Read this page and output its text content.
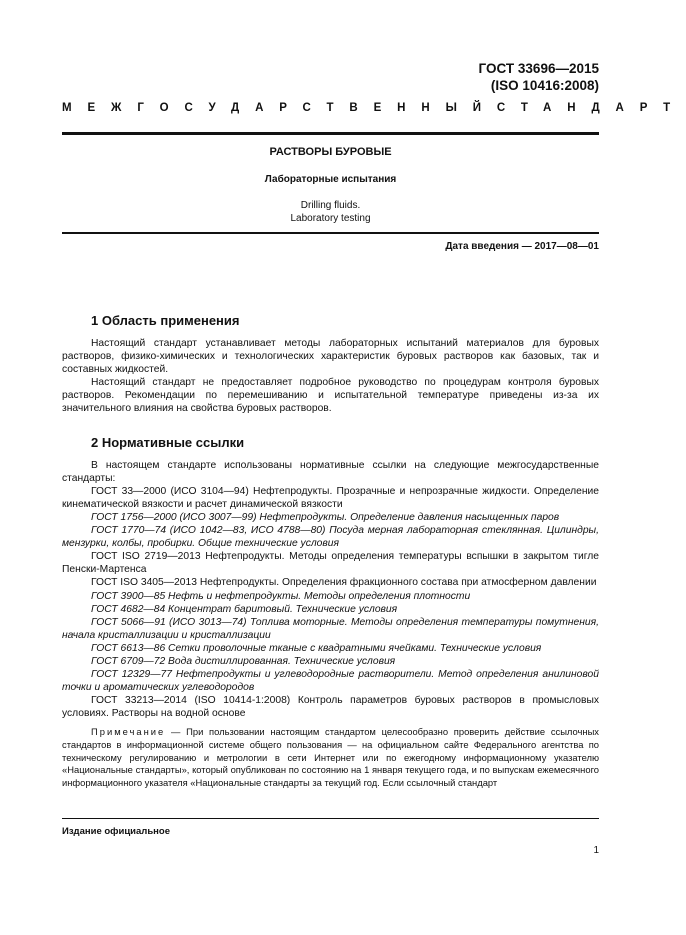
ГОСТ 33696—2015
(ISO 10416:2008)
МЕЖГОСУДАРСТВЕННЫЙ СТАНДАРТ
РАСТВОРЫ БУРОВЫЕ
Лабораторные испытания
Drilling fluids.
Laboratory testing
Дата введения — 2017—08—01
1 Область применения

Настоящий стандарт устанавливает методы лабораторных испытаний материалов для буровых растворов, физико-химических и технологических характеристик буровых растворов как базовых, так и составных жидкостей.

Настоящий стандарт не предоставляет подробное руководство по процедурам контроля буровых растворов. Рекомендации по перемешиванию и испытательной температуре приведены из-за их значительного влияния на свойства буровых растворов.

2 Нормативные ссылки

В настоящем стандарте использованы нормативные ссылки на следующие межгосударственные стандарты:

ГОСТ 33—2000 (ИСО 3104—94) Нефтепродукты. Прозрачные и непрозрачные жидкости. Определение кинематической вязкости и расчет динамической вязкости

ГОСТ 1756—2000 (ИСО 3007—99) Нефтепродукты. Определение давления насыщенных паров

ГОСТ 1770—74 (ИСО 1042—83, ИСО 4788—80) Посуда мерная лабораторная стеклянная. Цилиндры, мензурки, колбы, пробирки. Общие технические условия

ГОСТ ISO 2719—2013 Нефтепродукты. Методы определения температуры вспышки в закрытом тигле Пенски-Мартенса

ГОСТ ISO 3405—2013 Нефтепродукты. Определения фракционного состава при атмосферном давлении

ГОСТ 3900—85 Нефть и нефтепродукты. Методы определения плотности

ГОСТ 4682—84 Концентрат баритовый. Технические условия

ГОСТ 5066—91 (ИСО 3013—74) Топлива моторные. Методы определения температуры помутнения, начала кристаллизации и кристаллизации

ГОСТ 6613—86 Сетки проволочные тканые с квадратными ячейками. Технические условия

ГОСТ 6709—72 Вода дистиллированная. Технические условия

ГОСТ 12329—77 Нефтепродукты и углеводородные растворители. Метод определения анилиновой точки и ароматических углеводородов

ГОСТ 33213—2014 (ISO 10414-1:2008) Контроль параметров буровых растворов в промысловых условиях. Растворы на водной основе

Примечание — При пользовании настоящим стандартом целесообразно проверить действие ссылочных стандартов в информационной системе общего пользования — на официальном сайте Федерального агентства по техническому регулированию и метрологии в сети Интернет или по ежегодному информационному указателю «Национальные стандарты», который опубликован по состоянию на 1 января текущего года, и по выпускам ежемесячного информационного указателя «Национальные стандарты за текущий год. Если ссылочный стандарт

Издание официальное
1
